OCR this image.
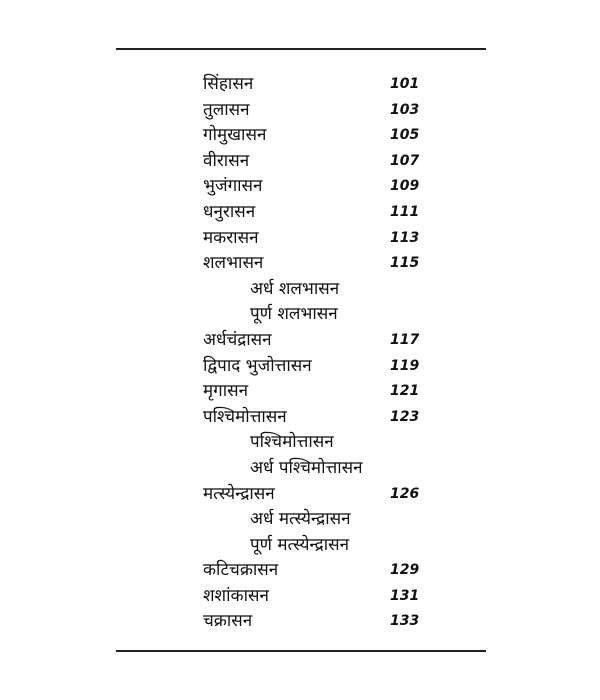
सिंहासन	101
तुलासन	103
गोमुखासन	105
वीरासन	107
भुजंगासन	109
धनुरासन	111
मकरासन	113
शलभासन	115
अर्ध शलभासन
पूर्ण शलभासन
अर्धचंद्रासन	117
द्विपाद भुजोत्तासन	119
मृगासन	121
पश्चिमोत्तासन	123
पश्चिमोत्तासन
अर्ध पश्चिमोत्तासन
मत्स्येन्द्रासन	126
अर्ध मत्स्येन्द्रासन
पूर्ण मत्स्येन्द्रासन
कटिचक्रासन	129
शशांकासन	131
चक्रासन	133
